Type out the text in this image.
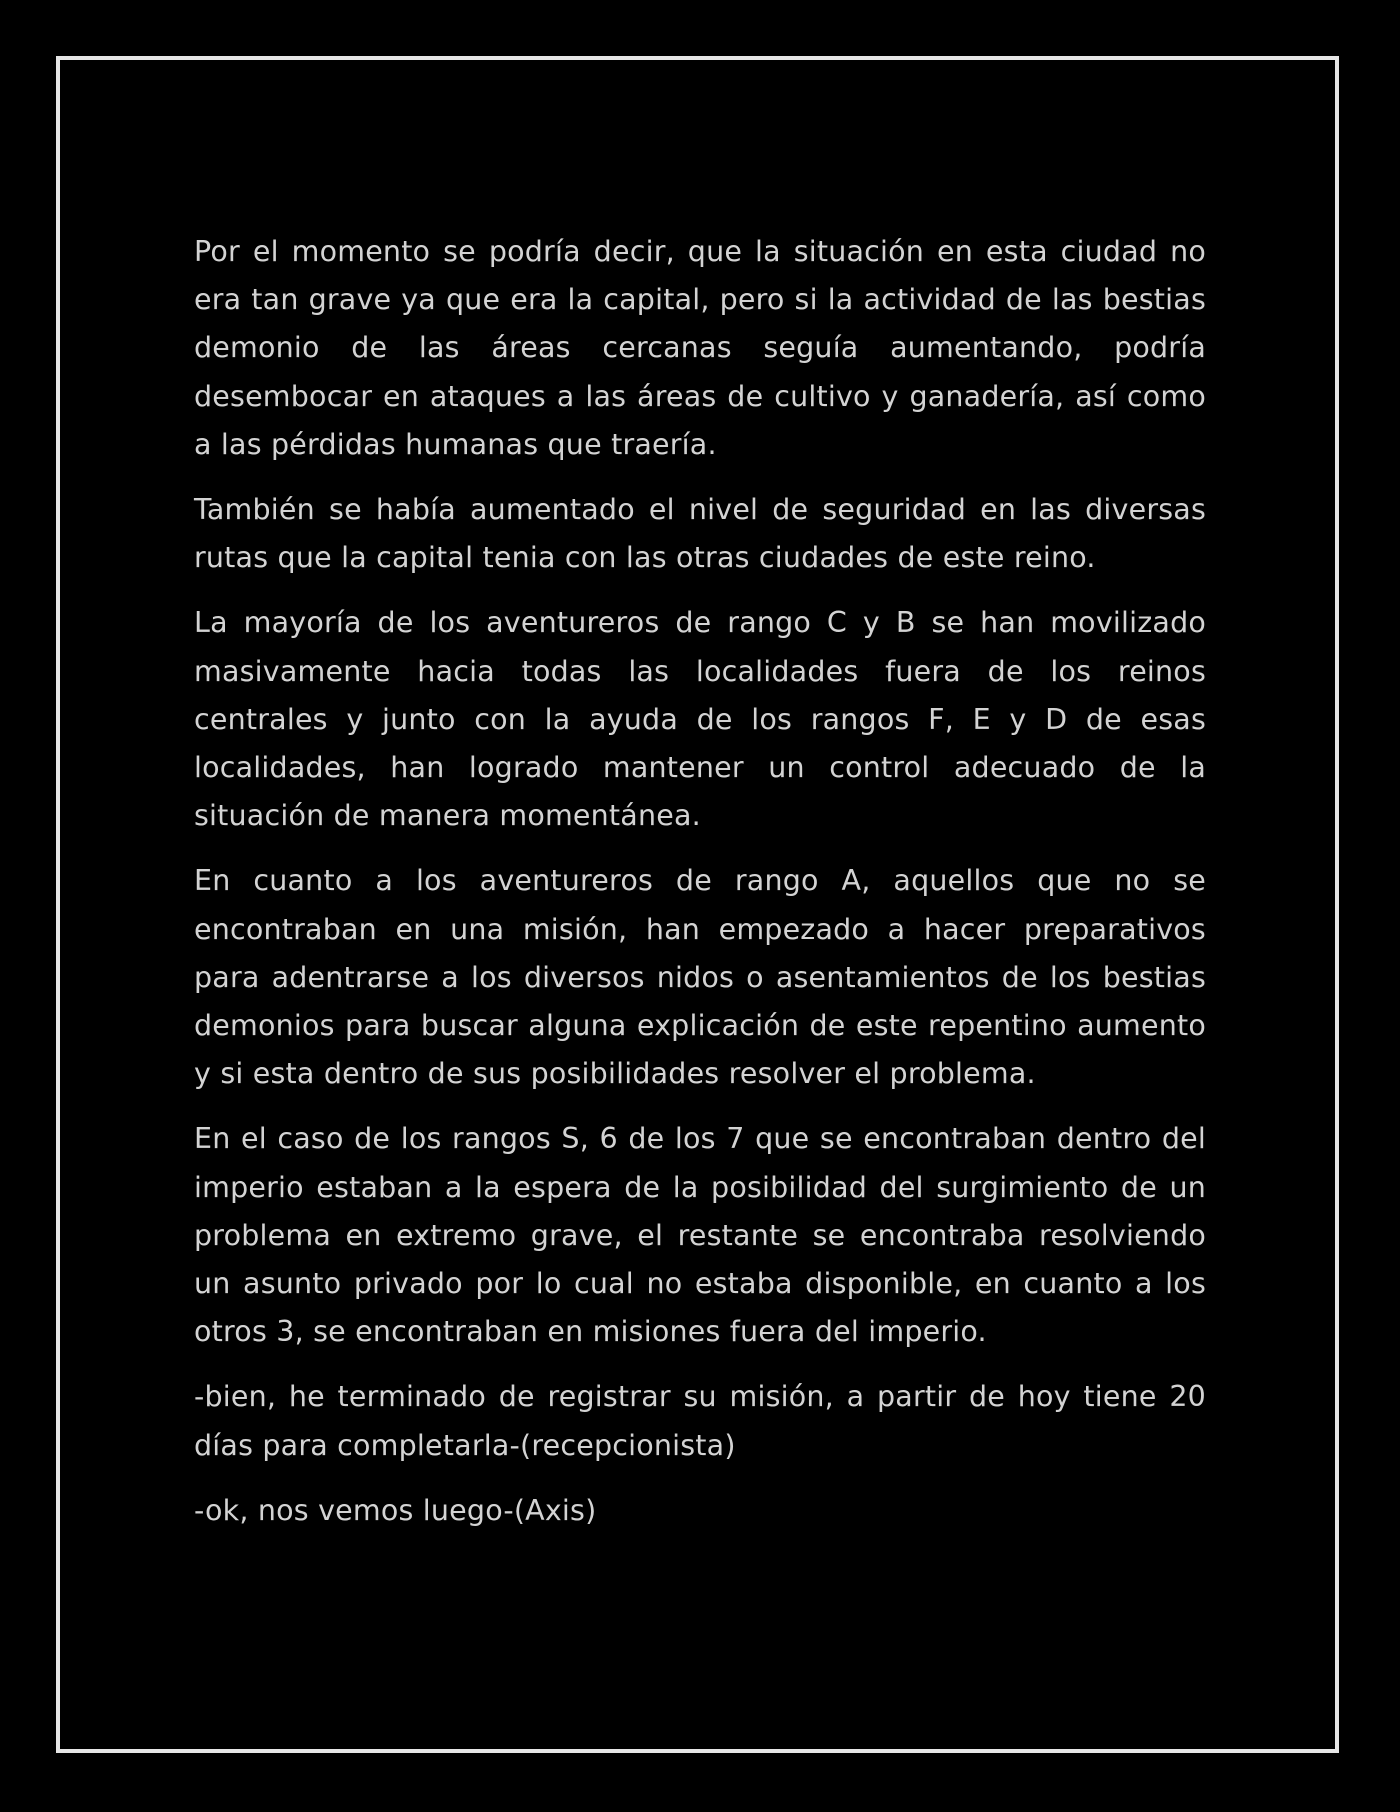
Por el momento se podría decir, que la situación en esta ciudad no era tan grave ya que era la capital, pero si la actividad de las bestias demonio de las áreas cercanas seguía aumentando, podría desembocar en ataques a las áreas de cultivo y ganadería, así como a las pérdidas humanas que traería.

También se había aumentado el nivel de seguridad en las diversas rutas que la capital tenia con las otras ciudades de este reino.

La mayoría de los aventureros de rango C y B se han movilizado masivamente hacia todas las localidades fuera de los reinos centrales y junto con la ayuda de los rangos F, E y D de esas localidades, han logrado mantener un control adecuado de la situación de manera momentánea.

En cuanto a los aventureros de rango A, aquellos que no se encontraban en una misión, han empezado a hacer preparativos para adentrarse a los diversos nidos o asentamientos de los bestias demonios para buscar alguna explicación de este repentino aumento y si esta dentro de sus posibilidades resolver el problema.

En el caso de los rangos S, 6 de los 7 que se encontraban dentro del imperio estaban a la espera de la posibilidad del surgimiento de un problema en extremo grave, el restante se encontraba resolviendo un asunto privado por lo cual no estaba disponible, en cuanto a los otros 3, se encontraban en misiones fuera del imperio.

-bien, he terminado de registrar su misión, a partir de hoy tiene 20 días para completarla-(recepcionista)

-ok, nos vemos luego-(Axis)
